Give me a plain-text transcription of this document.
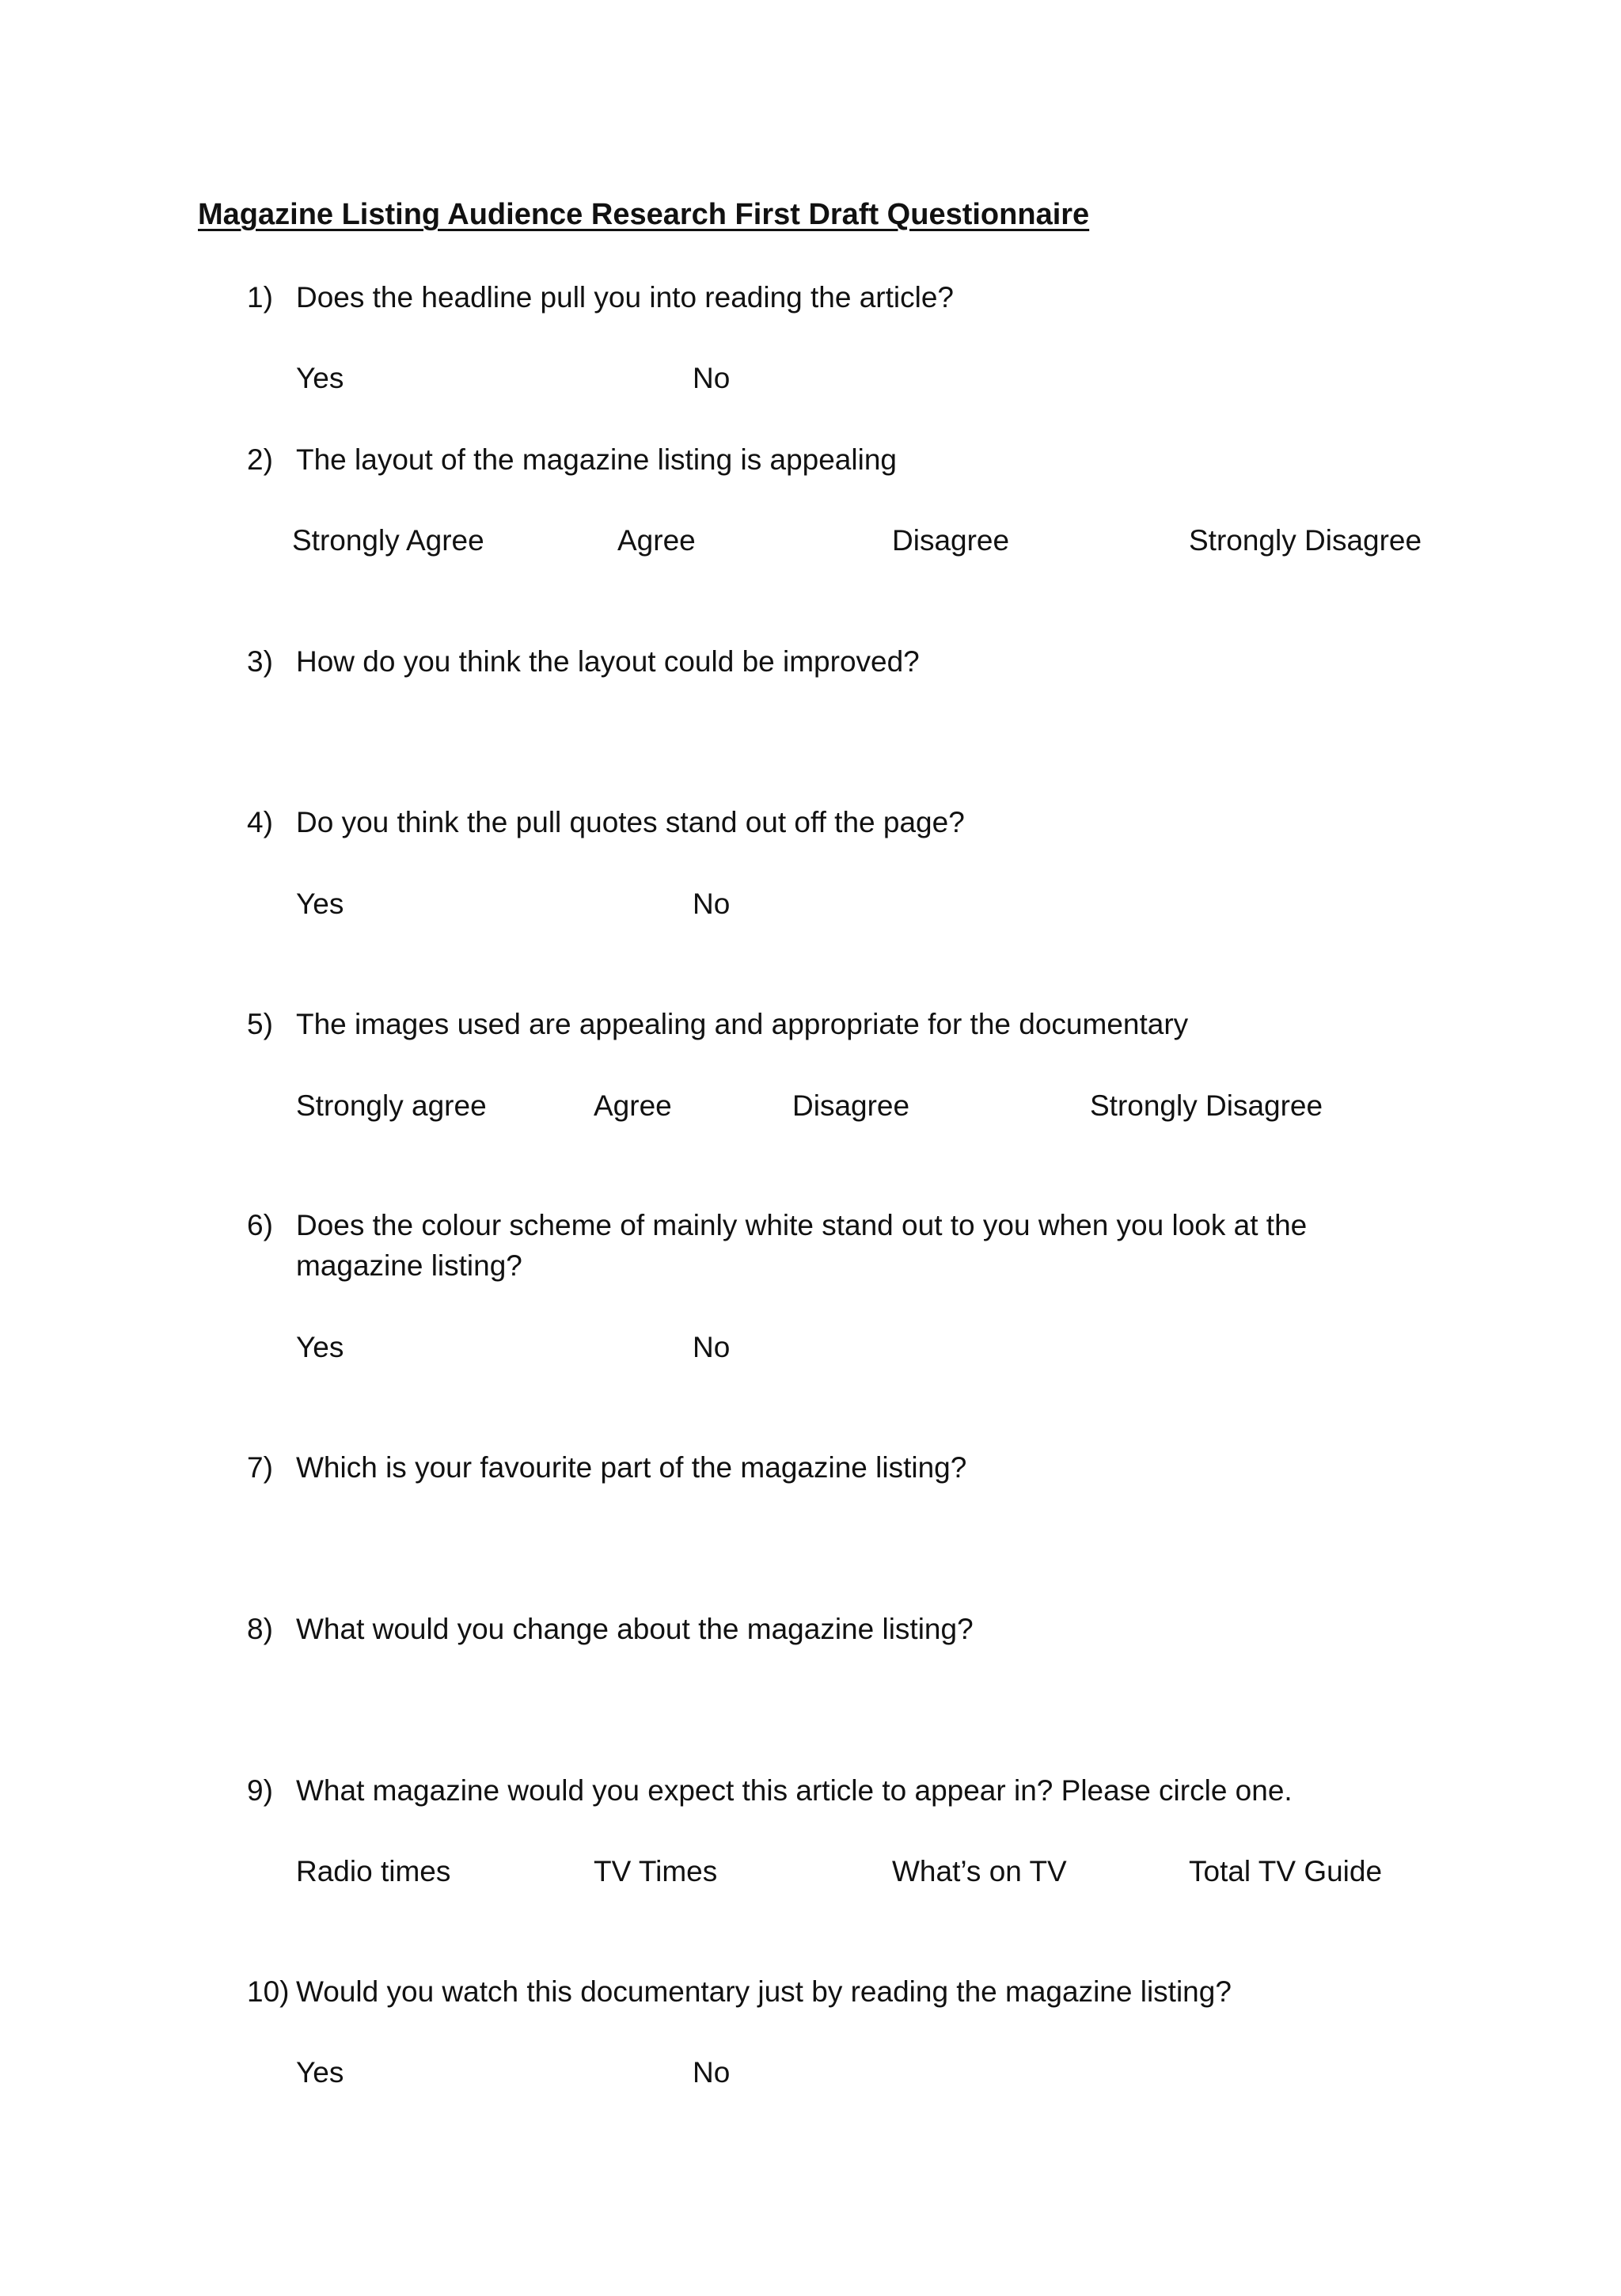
Magazine Listing Audience Research First Draft Questionnaire
1) Does the headline pull you into reading the article?
Yes	No
2) The layout of the magazine listing is appealing
Strongly Agree	Agree	Disagree	Strongly Disagree
3) How do you think the layout could be improved?
4) Do you think the pull quotes stand out off the page?
Yes	No
5) The images used are appealing and appropriate for the documentary
Strongly agree	Agree	Disagree	Strongly Disagree
6) Does the colour scheme of mainly white stand out to you when you look at the
magazine listing?
Yes	No
7) Which is your favourite part of the magazine listing?
8) What would you change about the magazine listing?
9) What magazine would you expect this article to appear in? Please circle one.
Radio times	TV Times	What’s on TV	Total TV Guide
10) Would you watch this documentary just by reading the magazine listing?
Yes	No
